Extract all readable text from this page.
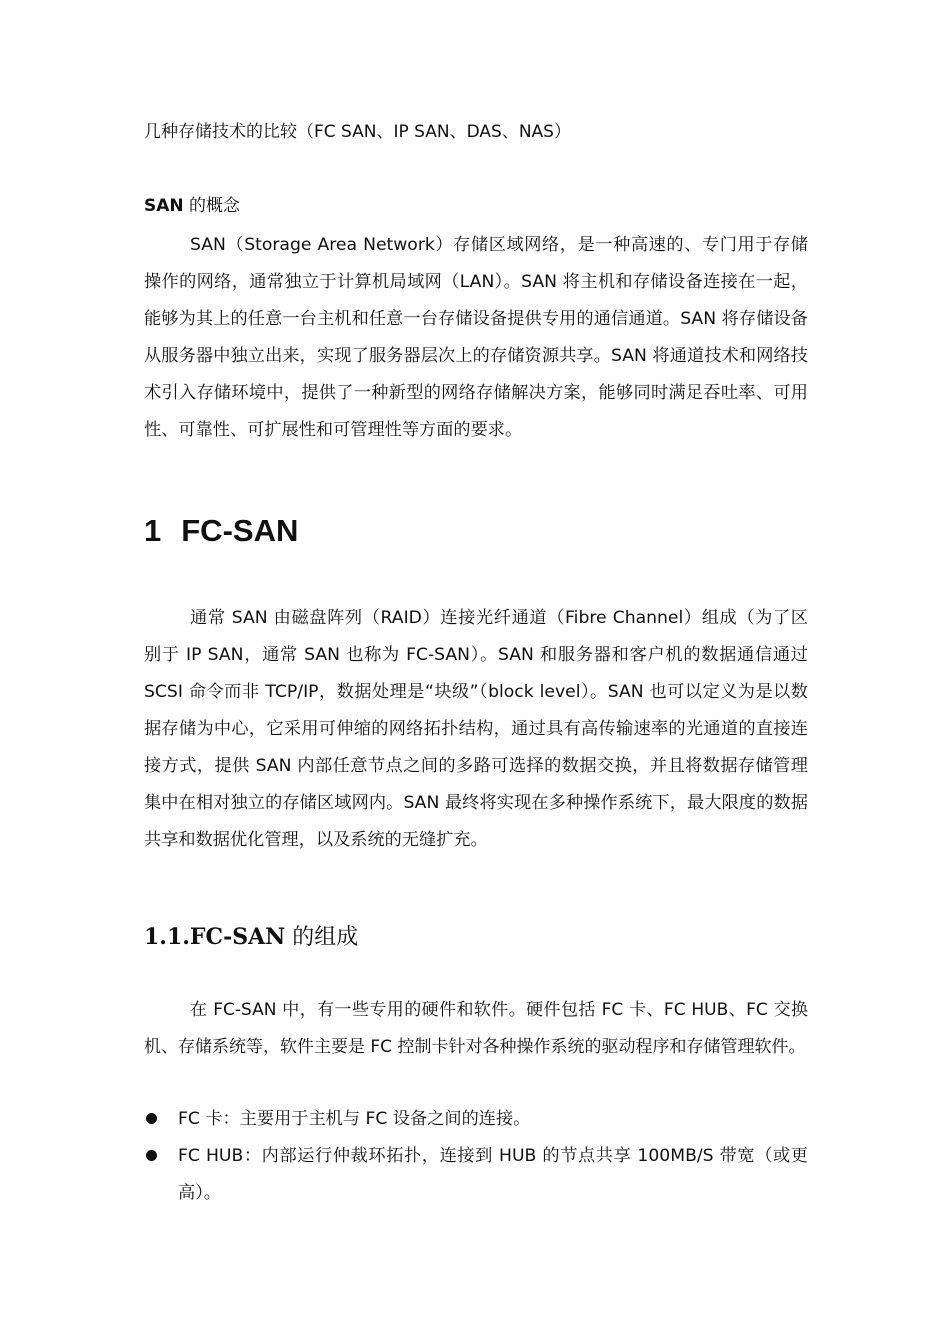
几种存储技术的比较（FC SAN、IP SAN、DAS、NAS）
SAN 的概念

SAN（Storage Area Network）存储区域网络，是一种高速的、专门用于存储操作的网络，通常独立于计算机局域网（LAN）。SAN 将主机和存储设备连接在一起，能够为其上的任意一台主机和任意一台存储设备提供专用的通信通道。SAN 将存储设备从服务器中独立出来，实现了服务器层次上的存储资源共享。SAN 将通道技术和网络技术引入存储环境中，提供了一种新型的网络存储解决方案，能够同时满足吞吐率、可用性、可靠性、可扩展性和可管理性等方面的要求。

1 FC-SAN

通常 SAN 由磁盘阵列（RAID）连接光纤通道（Fibre Channel）组成（为了区别于 IP SAN，通常 SAN 也称为 FC-SAN）。SAN 和服务器和客户机的数据通信通过 SCSI 命令而非 TCP/IP，数据处理是“块级”（block level）。SAN 也可以定义为是以数据存储为中心，它采用可伸缩的网络拓扑结构，通过具有高传输速率的光通道的直接连接方式，提供 SAN 内部任意节点之间的多路可选择的数据交换，并且将数据存储管理集中在相对独立的存储区域网内。SAN 最终将实现在多种操作系统下，最大限度的数据共享和数据优化管理，以及系统的无缝扩充。

1.1.FC-SAN 的组成

在 FC-SAN 中，有一些专用的硬件和软件。硬件包括 FC 卡、FC HUB、FC 交换机、存储系统等，软件主要是 FC 控制卡针对各种操作系统的驱动程序和存储管理软件。

FC 卡：主要用于主机与 FC 设备之间的连接。
FC HUB：内部运行仲裁环拓扑，连接到 HUB 的节点共享 100MB/S 带宽（或更高）。
